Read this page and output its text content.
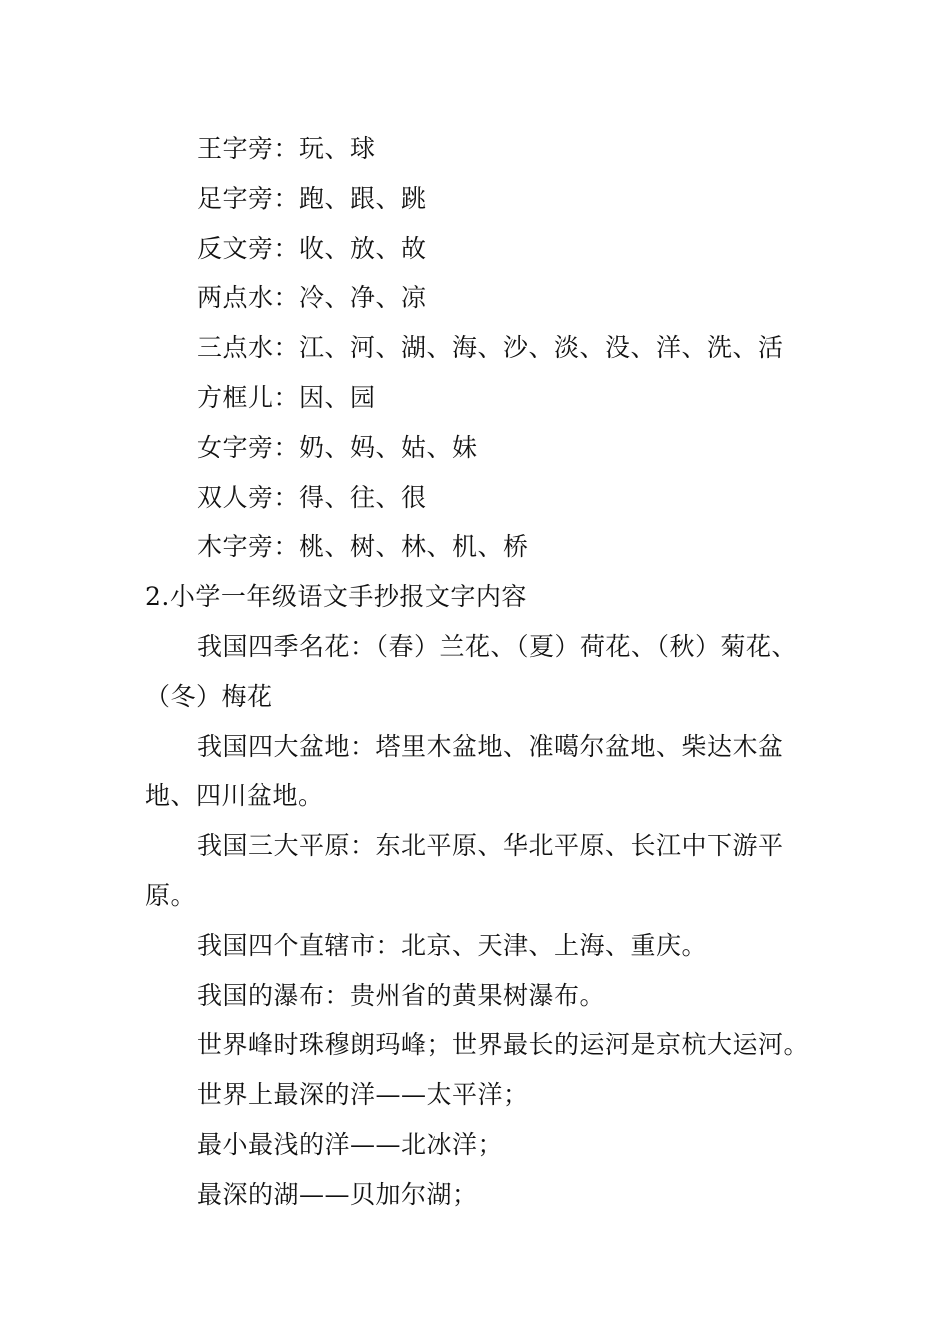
王字旁：玩、球
足字旁：跑、跟、跳
反文旁：收、放、故
两点水：冷、净、凉
三点水：江、河、湖、海、沙、淡、没、洋、洗、活
方框儿：因、园
女字旁：奶、妈、姑、妹
双人旁：得、往、很
木字旁：桃、树、林、机、桥
2.小学一年级语文手抄报文字内容

我国四季名花：（春）兰花、（夏）荷花、（秋）菊花、（冬）梅花

我国四大盆地：塔里木盆地、准噶尔盆地、柴达木盆地、四川盆地。

我国三大平原：东北平原、华北平原、长江中下游平原。

我国四个直辖市：北京、天津、上海、重庆。

我国的瀑布：贵州省的黄果树瀑布。

世界峰时珠穆朗玛峰；世界最长的运河是京杭大运河。

世界上最深的洋——太平洋；

最小最浅的洋——北冰洋；

最深的湖——贝加尔湖；
